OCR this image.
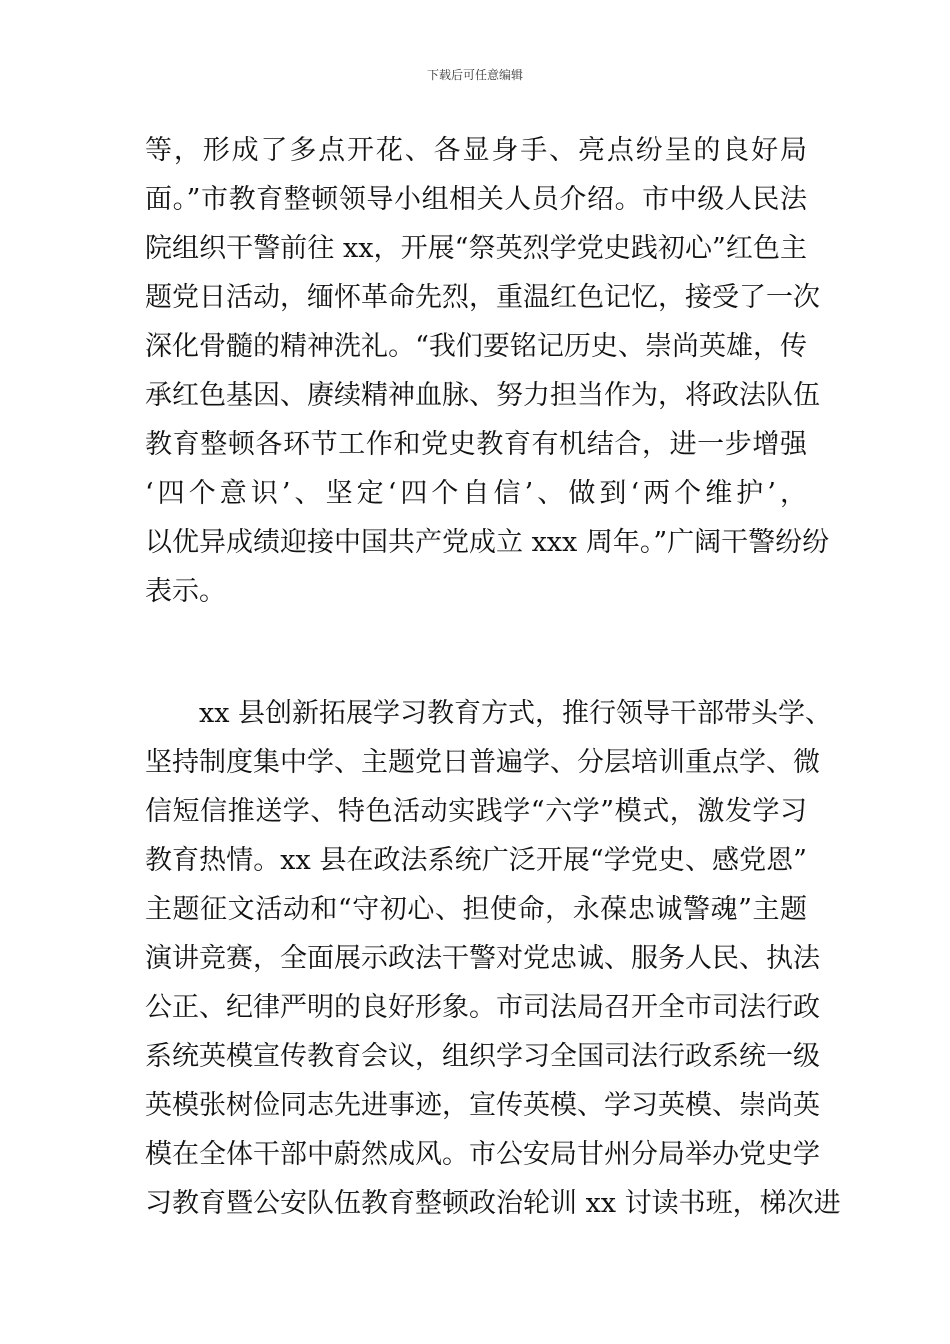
下载后可任意编辑
等，形成了多点开花、各显身手、亮点纷呈的良好局
面。”市教育整顿领导小组相关人员介绍。市中级人民法
院组织干警前往 xx，开展“祭英烈学党史践初心”红色主
题党日活动，缅怀革命先烈，重温红色记忆，接受了一次
深化骨髓的精神洗礼。“我们要铭记历史、崇尚英雄，传
承红色基因、赓续精神血脉、努力担当作为，将政法队伍
教育整顿各环节工作和党史教育有机结合，进一步增强
‘四个意识’、坚定‘四个自信’、做到‘两个维护’，
以优异成绩迎接中国共产党成立 xxx 周年。”广阔干警纷纷
表示。
xx 县创新拓展学习教育方式，推行领导干部带头学、
坚持制度集中学、主题党日普遍学、分层培训重点学、微
信短信推送学、特色活动实践学“六学”模式，激发学习
教育热情。xx 县在政法系统广泛开展“学党史、感党恩”
主题征文活动和“守初心、担使命，永葆忠诚警魂”主题
演讲竞赛，全面展示政法干警对党忠诚、服务人民、执法
公正、纪律严明的良好形象。市司法局召开全市司法行政
系统英模宣传教育会议，组织学习全国司法行政系统一级
英模张树俭同志先进事迹，宣传英模、学习英模、崇尚英
模在全体干部中蔚然成风。市公安局甘州分局举办党史学
习教育暨公安队伍教育整顿政治轮训 xx 讨读书班，梯次进
